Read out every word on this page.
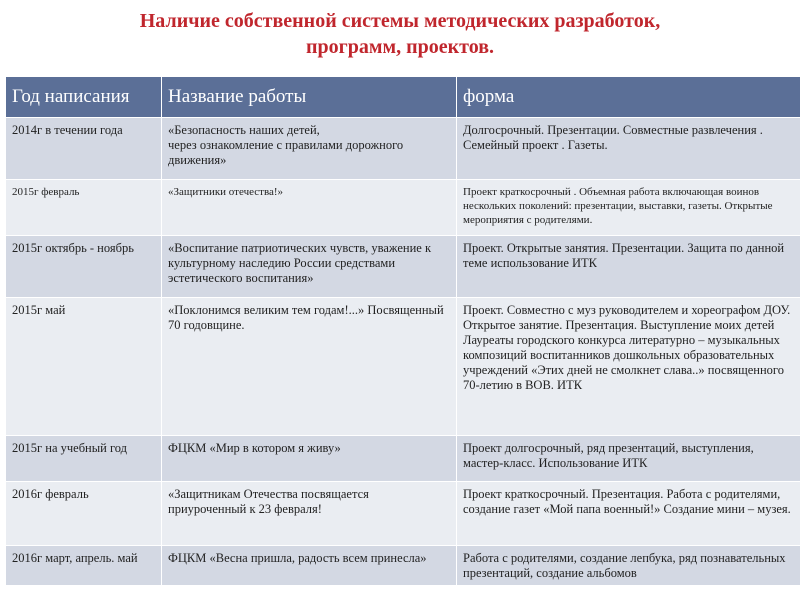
Наличие собственной системы методических разработок,
программ, проектов.
Год написания	Название работы	форма
2014г в течении года	«Безопасность наших детей,
через ознакомление с правилами дорожного движения»	Долгосрочный. Презентации. Совместные развлечения . Семейный проект . Газеты.
2015г февраль	«Защитники отечества!»	Проект краткосрочный . Объемная работа включающая воинов нескольких поколений: презентации, выставки, газеты. Открытые мероприятия с родителями.
2015г октябрь - ноябрь	«Воспитание патриотических чувств, уважение к культурному наследию России средствами эстетического воспитания»	Проект. Открытые занятия. Презентации. Защита по данной теме использование ИТК
2015г май	«Поклонимся великим тем годам!...» Посвященный 70 годовщине.	Проект. Совместно с муз руководителем и хореографом ДОУ. Открытое занятие. Презентация. Выступление моих детей Лауреаты городского конкурса литературно – музыкальных композиций воспитанников дошкольных образовательных учреждений «Этих дней не смолкнет слава..» посвященного 70-летию в ВОВ. ИТК
2015г на учебный год	ФЦКМ «Мир в котором я живу»	Проект долгосрочный, ряд презентаций, выступления, мастер-класс. Использование ИТК
2016г февраль	«Защитникам Отечества посвящается приуроченный к 23 февраля!	Проект краткосрочный. Презентация. Работа с родителями, создание газет «Мой папа военный!» Создание мини – музея.
2016г март, апрель. май	ФЦКМ «Весна пришла, радость всем принесла»	Работа с родителями, создание лепбука, ряд познавательных презентаций, создание альбомов
